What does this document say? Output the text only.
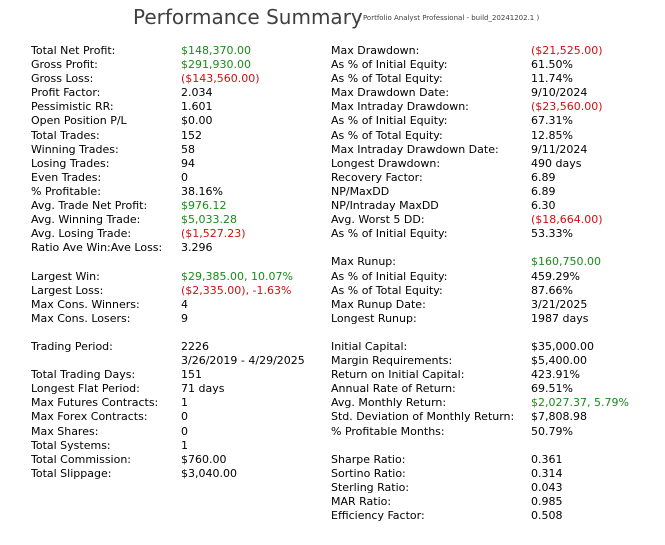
Performance Summary
( Portfolio Analyst Professional - build_20241202.1 )
Total Net Profit:	$148,370.00
Gross Profit:	$291,930.00
Gross Loss:	($143,560.00)
Profit Factor:	2.034
Pessimistic RR:	1.601
Open Position P/L	$0.00
Total Trades:	152
Winning Trades:	58
Losing Trades:	94
Even Trades:	0
% Profitable:	38.16%
Avg. Trade Net Profit:	$976.12
Avg. Winning Trade:	$5,033.28
Avg. Losing Trade:	($1,527.23)
Ratio Ave Win:Ave Loss: 3.296
Largest Win:	$29,385.00, 10.07%
Largest Loss:	($2,335.00), -1.63%
Max Cons. Winners:	4
Max Cons. Losers:	9
Trading Period:	2226
3/26/2019 - 4/29/2025
Total Trading Days:	151
Longest Flat Period:	71 days
Max Futures Contracts: 1
Max Forex Contracts:	0
Max Shares:	0
Total Systems:	1
Total Commission:	$760.00
Total Slippage:	$3,040.00
Max Drawdown:	($21,525.00)
As % of Initial Equity:	61.50%
As % of Total Equity:	11.74%
Max Drawdown Date:	9/10/2024
Max Intraday Drawdown:	($23,560.00)
As % of Initial Equity:	67.31%
As % of Total Equity:	12.85%
Max Intraday Drawdown Date:	9/11/2024
Longest Drawdown:	490 days
Recovery Factor:	6.89
NP/MaxDD	6.89
NP/Intraday MaxDD	6.30
Avg. Worst 5 DD:	($18,664.00)
As % of Initial Equity:	53.33%
Max Runup:	$160,750.00
As % of Initial Equity:	459.29%
As % of Total Equity:	87.66%
Max Runup Date:	3/21/2025
Longest Runup:	1987 days
Initial Capital:	$35,000.00
Margin Requirements:	$5,400.00
Return on Initial Capital:	423.91%
Annual Rate of Return:	69.51%
Avg. Monthly Return:	$2,027.37, 5.79%
Std. Deviation of Monthly Return: $7,808.98
% Profitable Months:	50.79%
Sharpe Ratio:	0.361
Sortino Ratio:	0.314
Sterling Ratio:	0.043
MAR Ratio:	0.985
Efficiency Factor:	0.508
